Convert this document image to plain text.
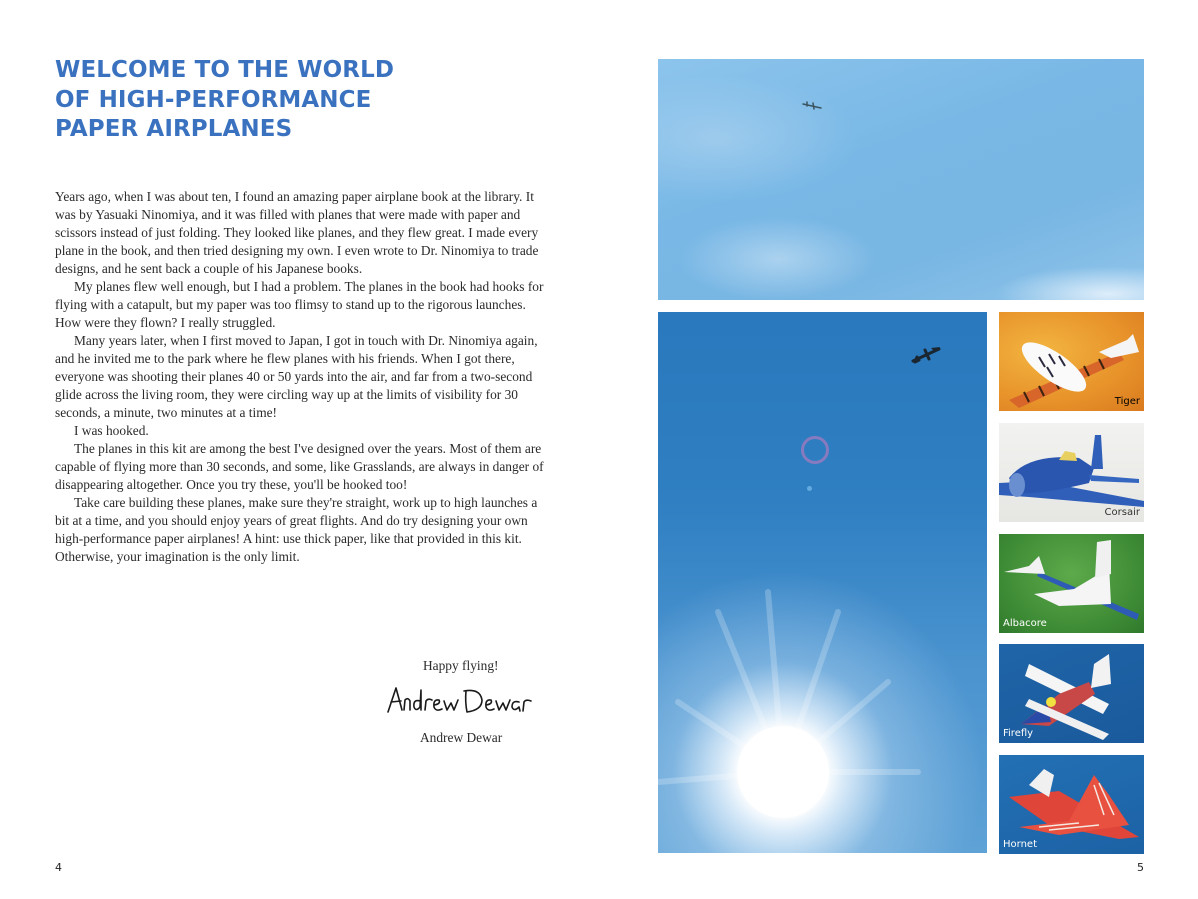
WELCOME TO THE WORLD
OF HIGH-PERFORMANCE
PAPER AIRPLANES

Years ago, when I was about ten, I found an amazing paper airplane book at the library. It was by Yasuaki Ninomiya, and it was filled with planes that were made with paper and scissors instead of just folding. They looked like planes, and they flew great. I made every plane in the book, and then tried designing my own. I even wrote to Dr. Ninomiya to trade designs, and he sent back a couple of his Japanese books.

My planes flew well enough, but I had a problem. The planes in the book had hooks for flying with a catapult, but my paper was too flimsy to stand up to the rigorous launches. How were they flown? I really struggled.

Many years later, when I first moved to Japan, I got in touch with Dr. Ninomiya again, and he invited me to the park where he flew planes with his friends. When I got there, everyone was shooting their planes 40 or 50 yards into the air, and far from a two-second glide across the living room, they were circling way up at the limits of visibility for 30 seconds, a minute, two minutes at a time!

I was hooked.

The planes in this kit are among the best I've designed over the years. Most of them are capable of flying more than 30 seconds, and some, like Grasslands, are always in danger of disappearing altogether. Once you try these, you'll be hooked too!

Take care building these planes, make sure they're straight, work up to high launches a bit at a time, and you should enjoy years of great flights. And do try designing your own high-performance paper airplanes! A hint: use thick paper, like that provided in this kit. Otherwise, your imagination is the only limit.

Happy flying!
Andrew Dewar
4
Tiger
Corsair
Albacore
Firefly
Hornet
5
